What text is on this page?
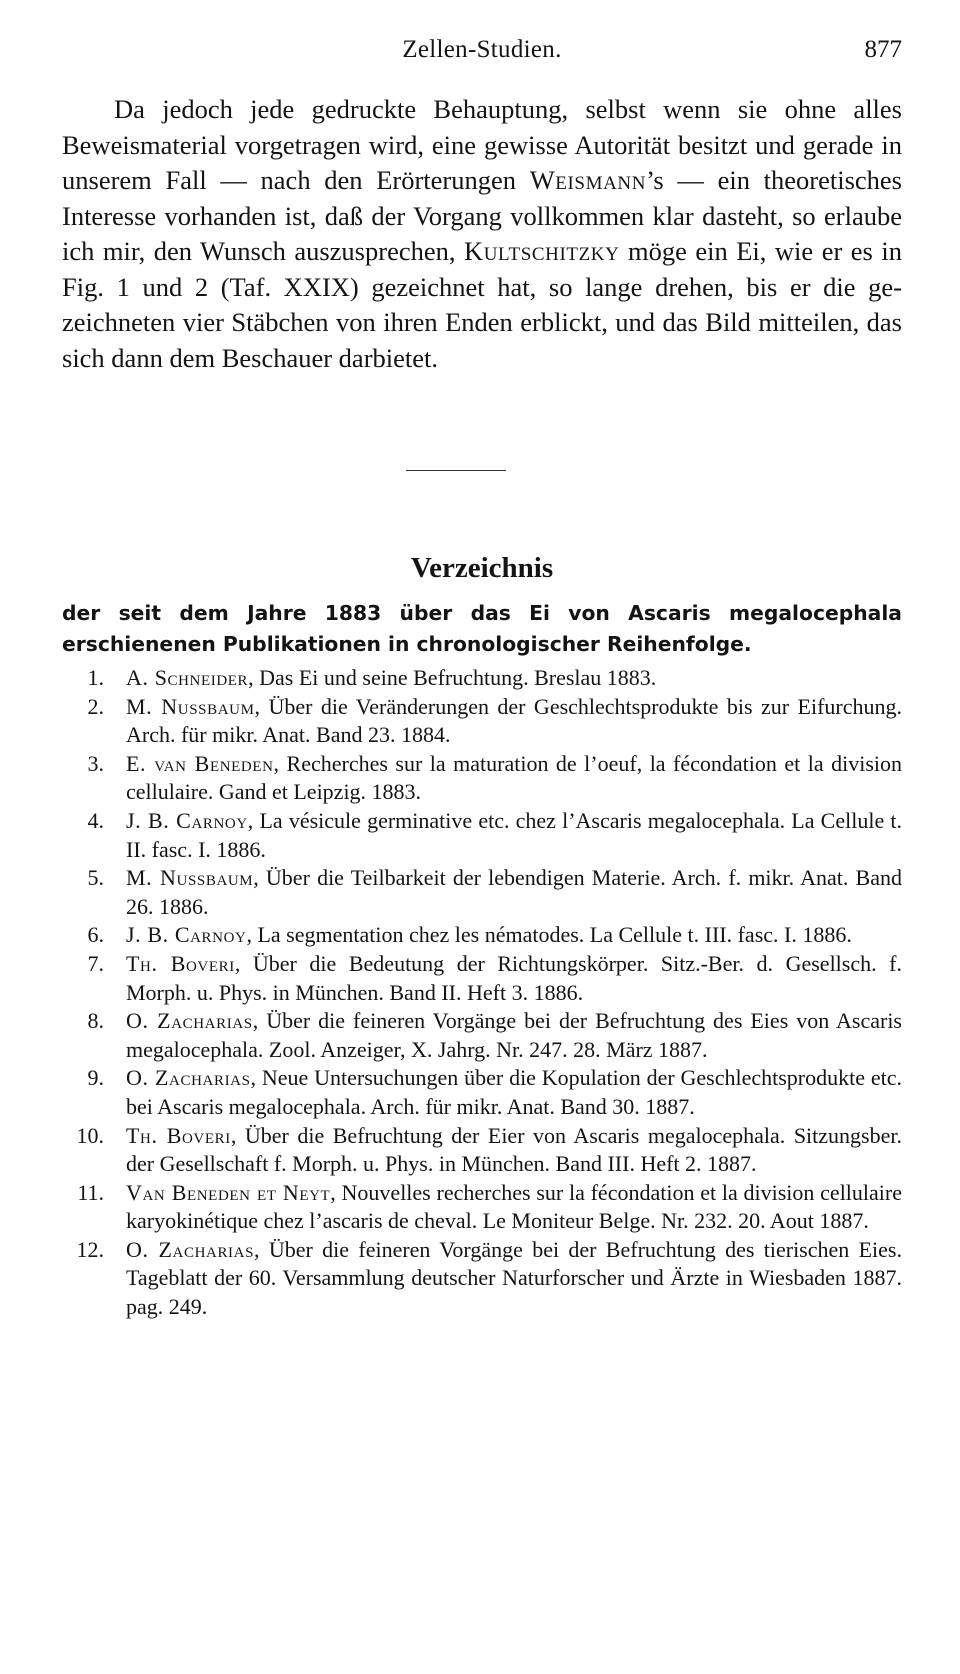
Zellen-Studien.	877

Da jedoch jede gedruckte Behauptung, selbst wenn sie ohne alles Beweismaterial vorgetragen wird, eine gewisse Autorität besitzt und gerade in unserem Fall — nach den Erörterungen Weismann’s — ein theoretisches Interesse vorhanden ist, daß der Vorgang vollkommen klar dasteht, so erlaube ich mir, den Wunsch auszusprechen, Kultschitzky möge ein Ei, wie er es in Fig. 1 und 2 (Taf. XXIX) gezeichnet hat, so lange drehen, bis er die gezeichneten vier Stäbchen von ihren Enden erblickt, und das Bild mitteilen, das sich dann dem Beschauer darbietet.

Verzeichnis

der seit dem Jahre 1883 über das Ei von Ascaris megalocephala erschienenen Publikationen in chronologischer Reihenfolge.

1. A. Schneider, Das Ei und seine Befruchtung. Breslau 1883.
2. M. Nussbaum, Über die Veränderungen der Geschlechtsprodukte bis zur Eifurchung. Arch. für mikr. Anat. Band 23. 1884.
3. E. van Beneden, Recherches sur la maturation de l’oeuf, la fécondation et la division cellulaire. Gand et Leipzig. 1883.
4. J. B. Carnoy, La vésicule germinative etc. chez l’Ascaris megalocephala. La Cellule t. II. fasc. I. 1886.
5. M. Nussbaum, Über die Teilbarkeit der lebendigen Materie. Arch. f. mikr. Anat. Band 26. 1886.
6. J. B. Carnoy, La segmentation chez les nématodes. La Cellule t. III. fasc. I. 1886.
7. Th. Boveri, Über die Bedeutung der Richtungskörper. Sitz.-Ber. d. Gesellsch. f. Morph. u. Phys. in München. Band II. Heft 3. 1886.
8. O. Zacharias, Über die feineren Vorgänge bei der Befruchtung des Eies von Ascaris megalocephala. Zool. Anzeiger, X. Jahrg. Nr. 247. 28. März 1887.
9. O. Zacharias, Neue Untersuchungen über die Kopulation der Geschlechtsprodukte etc. bei Ascaris megalocephala. Arch. für mikr. Anat. Band 30. 1887.
10. Th. Boveri, Über die Befruchtung der Eier von Ascaris megalocephala. Sitzungsber. der Gesellschaft f. Morph. u. Phys. in München. Band III. Heft 2. 1887.
11. Van Beneden et Neyt, Nouvelles recherches sur la fécondation et la division cellulaire karyokinétique chez l’ascaris de cheval. Le Moniteur Belge. Nr. 232. 20. Aout 1887.
12. O. Zacharias, Über die feineren Vorgänge bei der Befruchtung des tierischen Eies. Tageblatt der 60. Versammlung deutscher Naturforscher und Ärzte in Wiesbaden 1887. pag. 249.
